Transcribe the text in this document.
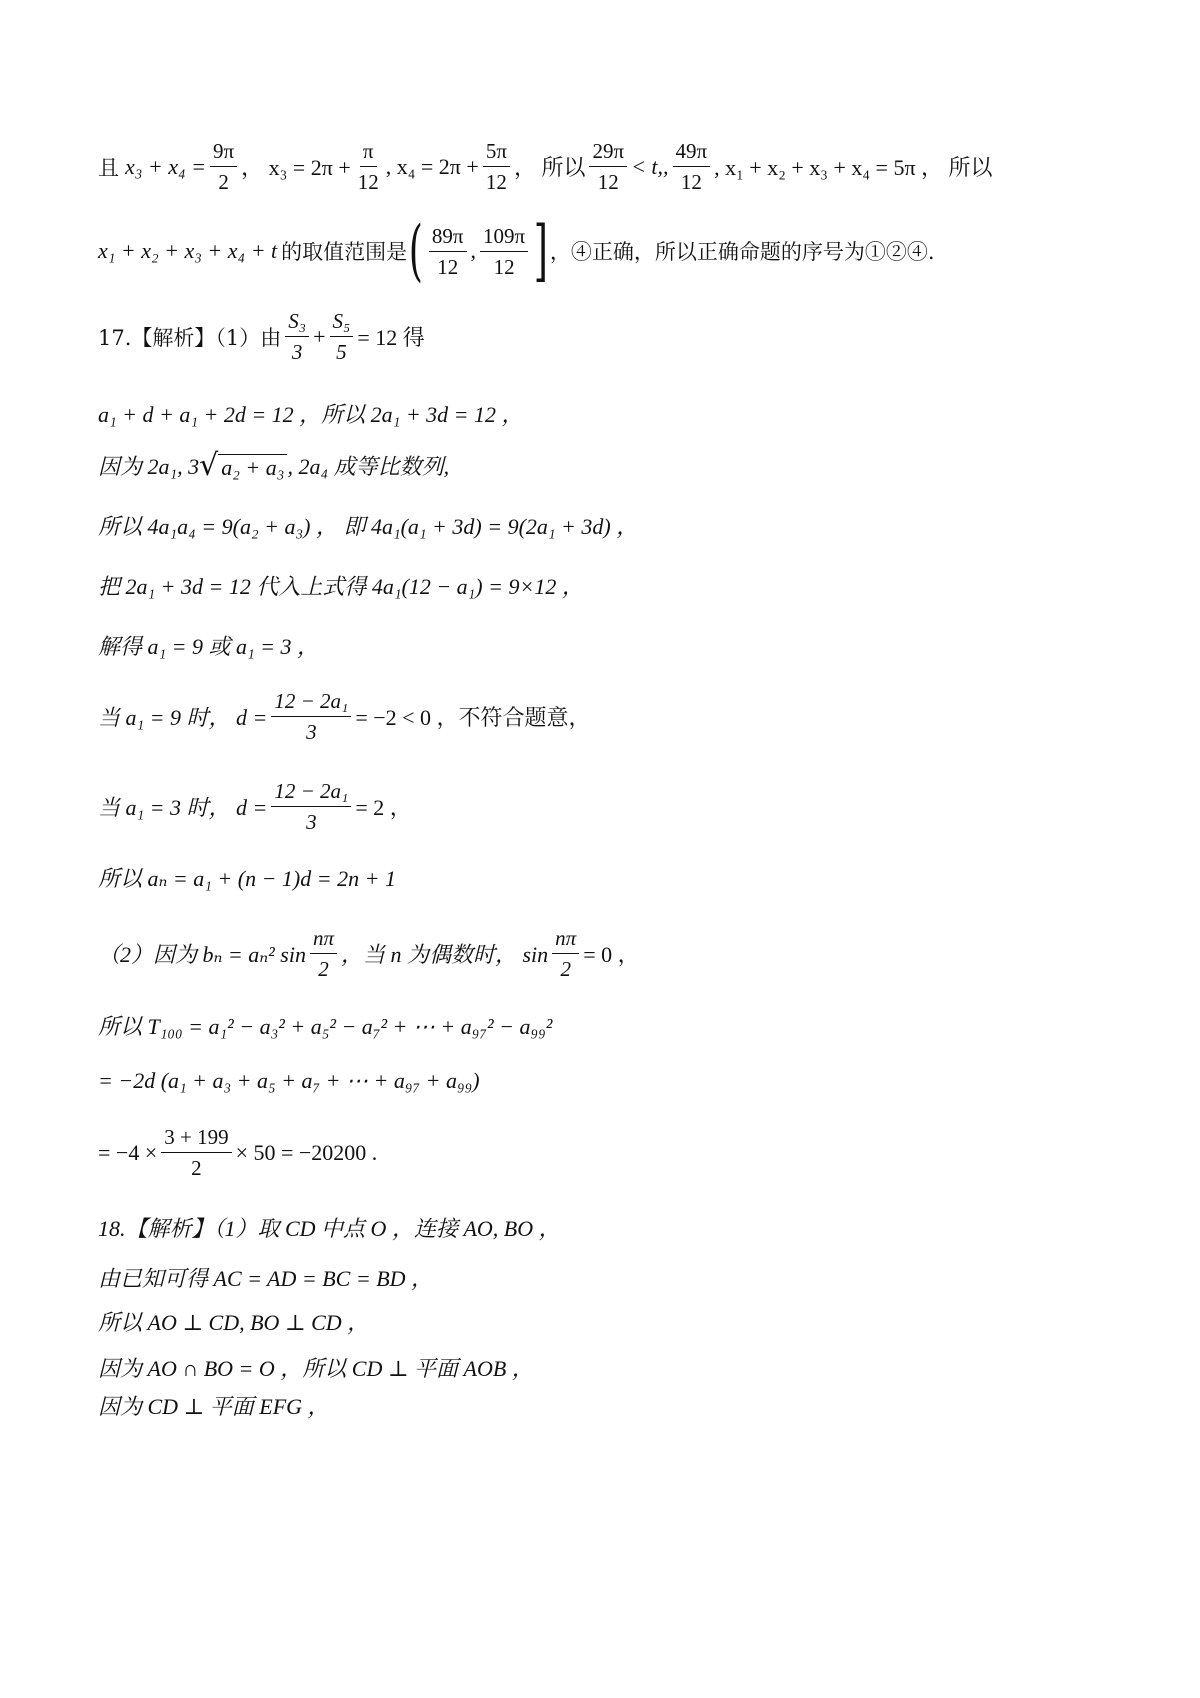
且 $x_3 + x_4 = \frac{9\pi}{2}$ ， $x_3 = 2\pi + \frac{\pi}{12}$ , $x_4 = 2\pi + \frac{5\pi}{12}$ ， 所以 $\frac{29\pi}{12} < t$,, $\frac{49\pi}{12}$ , x₁ + x₂ + x₃ + x₄ = 5π ， 所以
x₁ + x₂ + x₃ + x₄ + t 的取值范围是 ( $\frac{89\pi}{12}$ , $\frac{109\pi}{12}$ ] ，④正确，所以正确命题的序号为①②④.
17.【解析】（1）由 $\frac{\text{S₃}}{3} + \frac{\text{S₅}}{5} = 12$ 得
a₁ + d + a₁ + 2d = 12 ，所以 2a₁ + 3d = 12 ，
因为 2a₁, 3 √ a₂ + a₃ , 2a₄ 成等比数列,
所以 4a₁a₄ = 9(a₂ + a₃) ， 即 4a₁(a₁ + 3d) = 9(2a₁ + 3d) ，
把 2a₁ + 3d = 12 代入上式得 4a₁(12 − a₁) = 9×12 ，
解得 a₁ = 9 或 a₁ = 3 ，
当 a₁ = 9 时， $d = \frac{\text{12 − 2a₁}}{3} = -2 < 0$ ，不符合题意，
当 a₁ = 3 时， $d = \frac{\text{12 − 2a₁}}{3} = 2$ ，
所以 aₙ = a₁ + (n − 1)d = 2n + 1
（2）因为 bₙ = aₙ² $\sin \frac{n\pi}{2}$ ，当 n 为偶数时， $\sin \frac{n\pi}{2} = 0$ ，
所以 T₁₀₀ = a₁² − a₃² + a₅² − a₇² + ⋯ + a₉₇² − a₉₉²
= −2d (a₁ + a₃ + a₅ + a₇ + ⋯ + a₉₇ + a₉₉)
= $-4 \times \frac{3 + 199}{2} \times 50 = -20200$ .
18.【解析】（1）取 CD 中点 O ，连接 AO, BO ，
由已知可得 AC = AD = BC = BD ，
所以 AO ⊥ CD, BO ⊥ CD ，
因为 AO ∩ BO = O ，所以 CD ⊥ 平面 AOB ，
因为 CD ⊥ 平面 EFG ，
